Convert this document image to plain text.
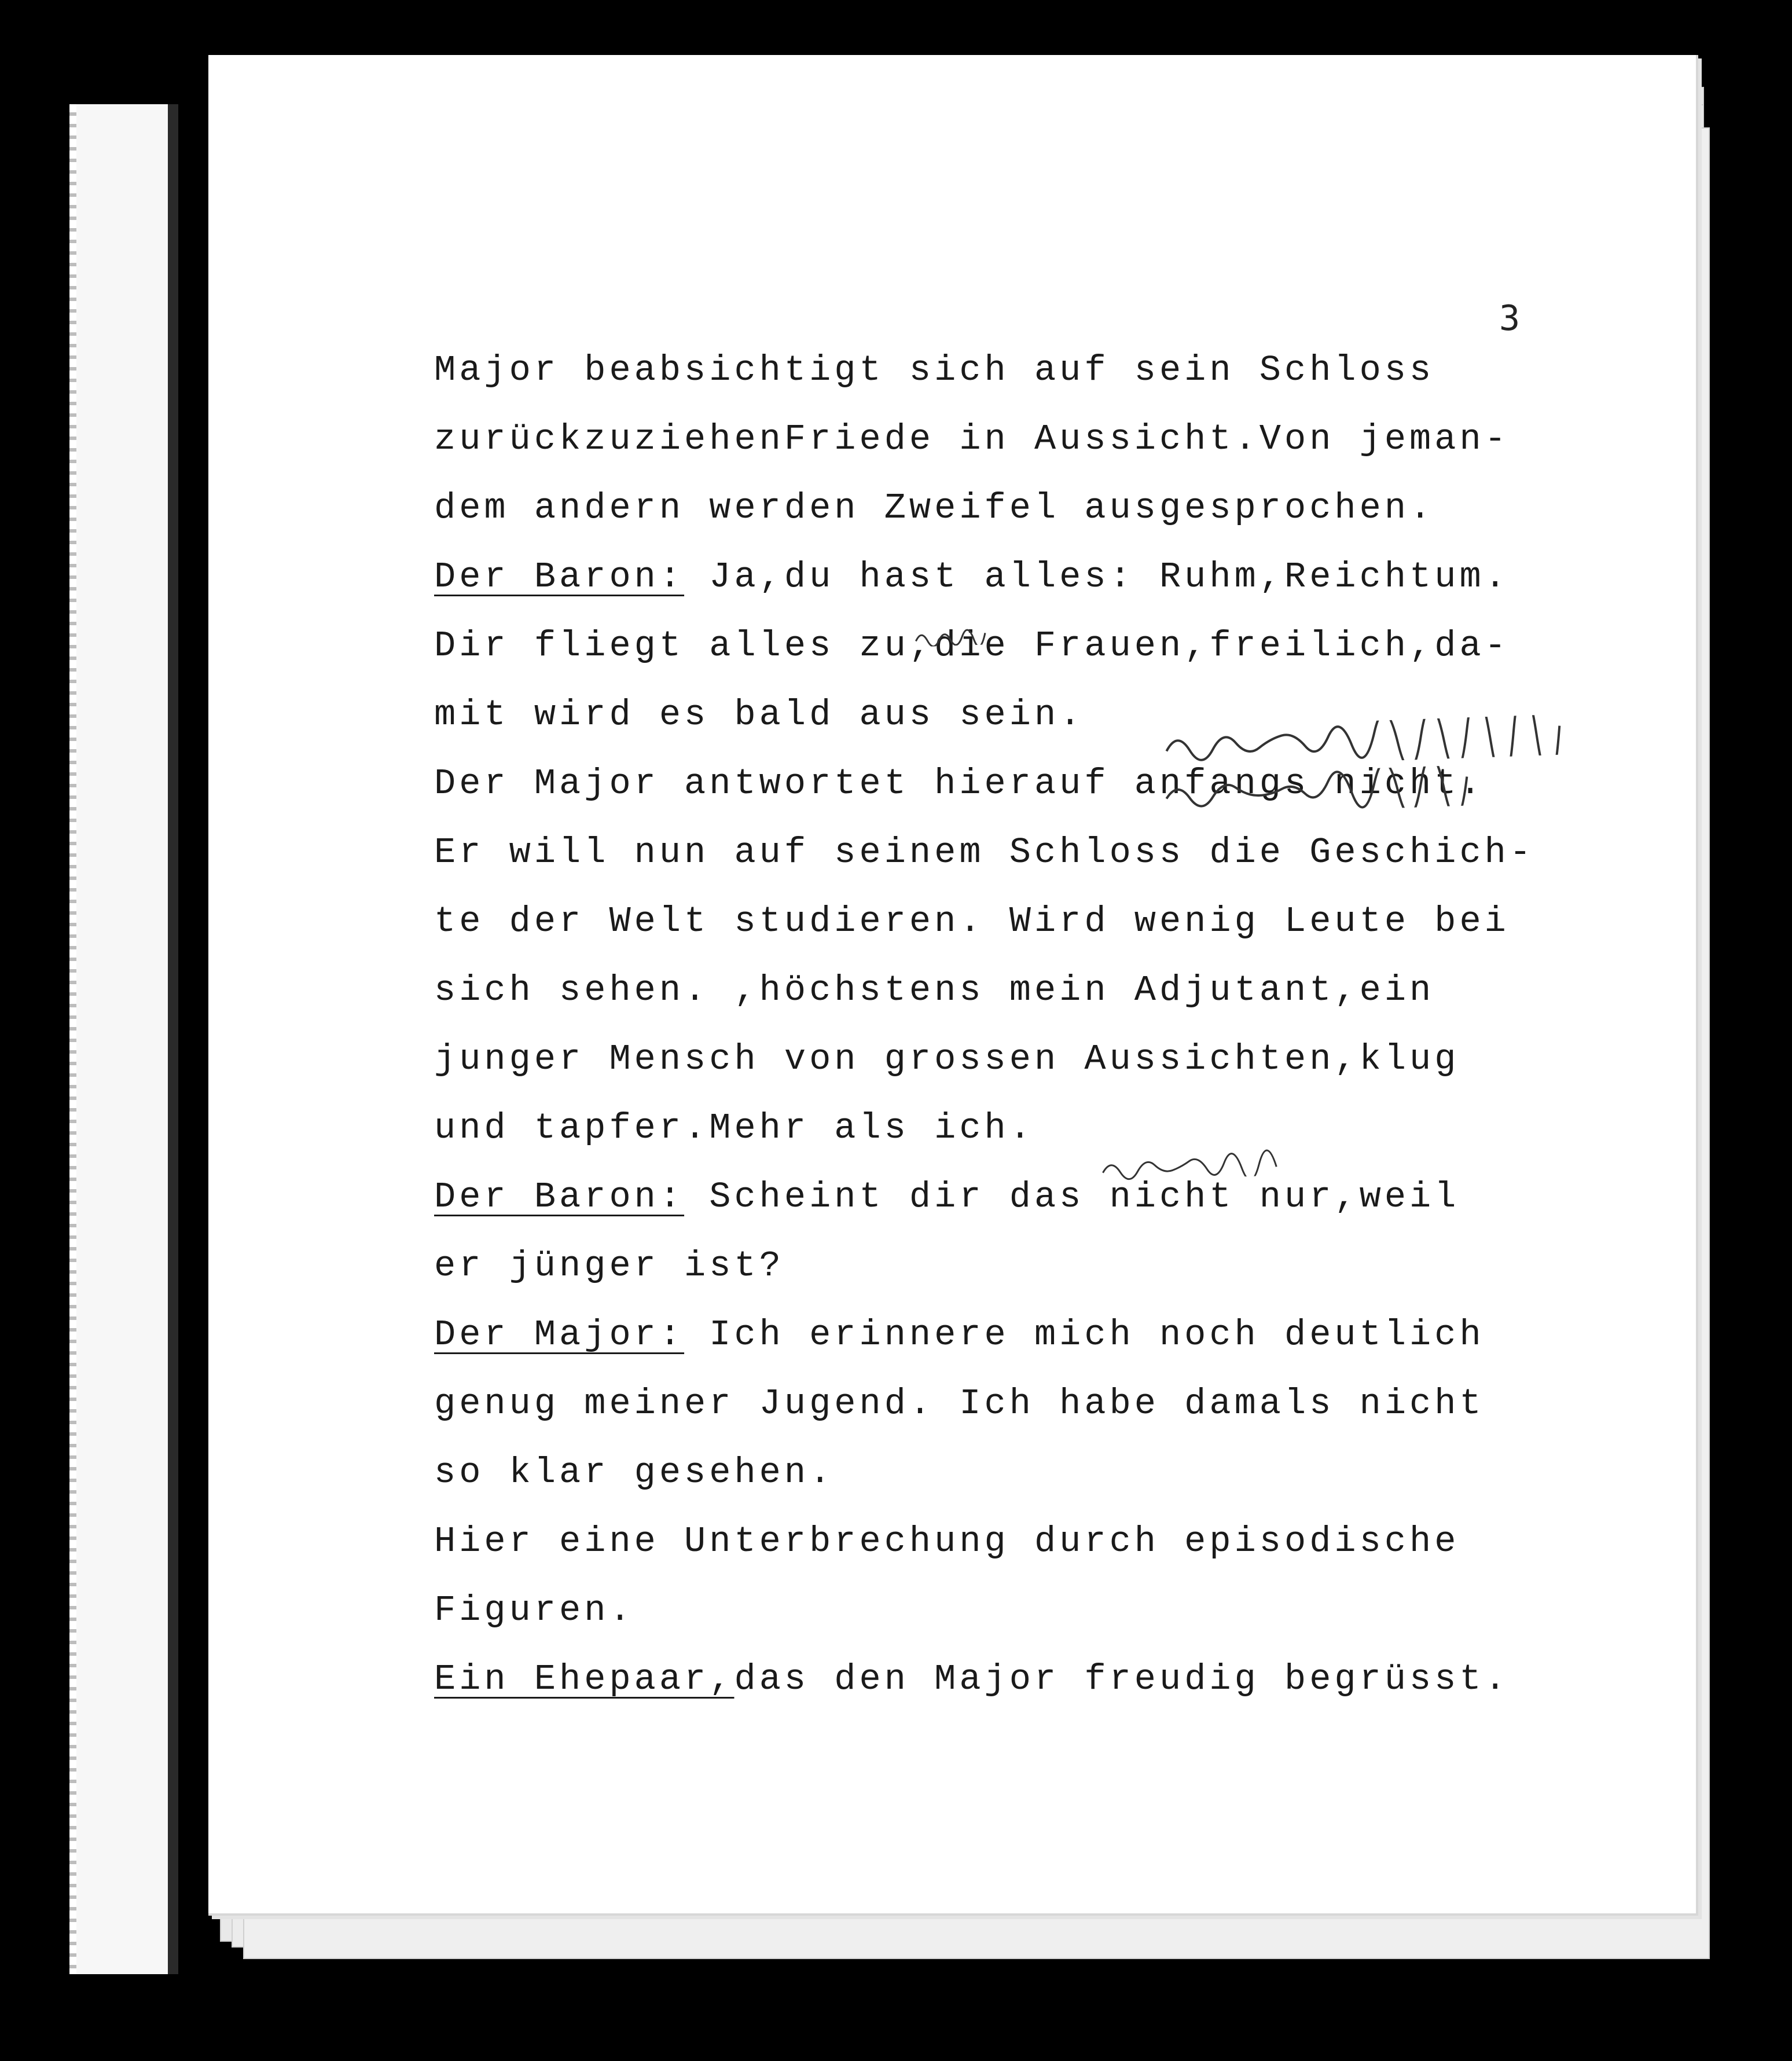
3
Major beabsichtigt sich auf sein Schloss
zurückzuziehenFriede in Aussicht.Von jeman-
dem andern werden Zweifel ausgesprochen.
Der Baron: Ja,du hast alles: Ruhm,Reichtum.
Dir fliegt alles zu,die Frauen,freilich,da-
mit wird es bald aus sein.
Der Major antwortet hierauf anfangs nicht.
Er will nun auf seinem Schloss die Geschich-
te der Welt studieren. Wird wenig Leute bei
sich sehen. ,höchstens mein Adjutant,ein
junger Mensch von grossen Aussichten,klug
und tapfer.Mehr als ich.
Der Baron: Scheint dir das nicht nur,weil
er jünger ist?
Der Major: Ich erinnere mich noch deutlich
genug meiner Jugend. Ich habe damals nicht
so klar gesehen.
Hier eine Unterbrechung durch episodische
Figuren.
Ein Ehepaar,das den Major freudig begrüsst.
